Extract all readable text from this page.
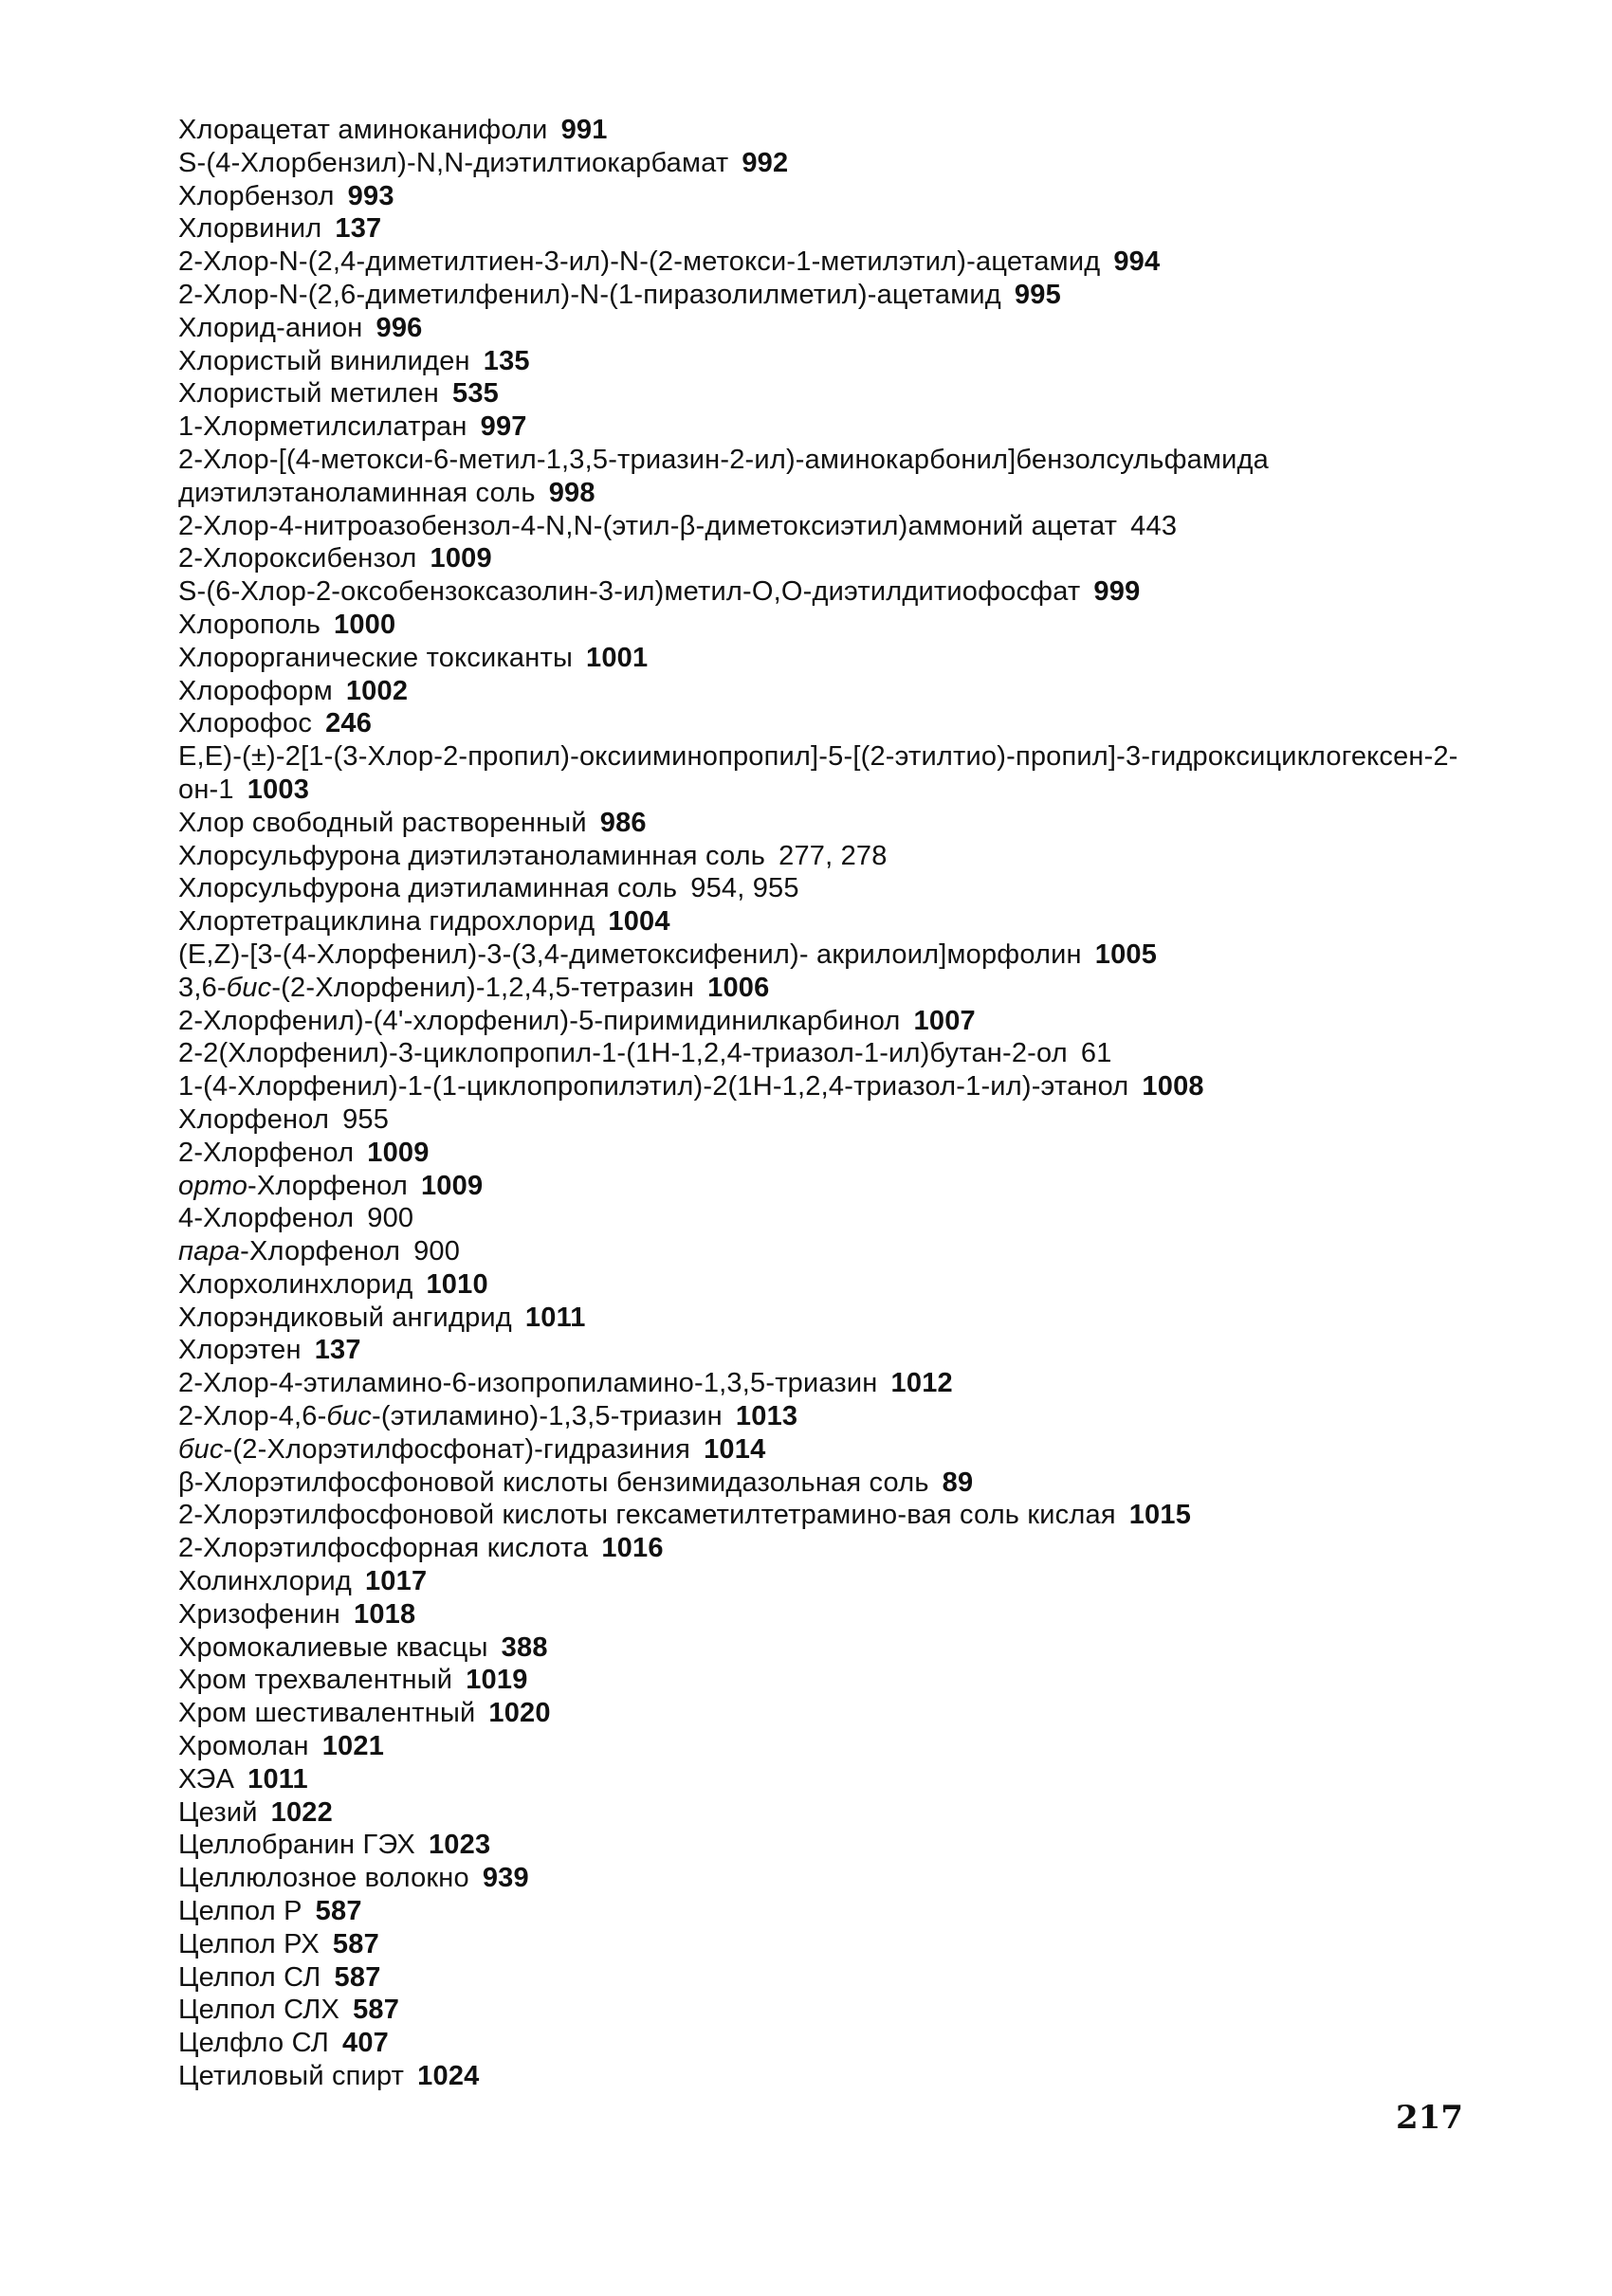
Хлорацетат аминоканифоли 991
S-(4-Хлорбензил)-N,N-диэтилтиокарбамат 992
Хлорбензол 993
Хлорвинил 137
2-Хлор-N-(2,4-диметилтиен-3-ил)-N-(2-метокси-1-метилэтил)-ацетамид 994
2-Хлор-N-(2,6-диметилфенил)-N-(1-пиразолилметил)-ацетамид 995
Хлорид-анион 996
Хлористый винилиден 135
Хлористый метилен 535
1-Хлорметилсилатран 997
2-Хлор-[(4-метокси-6-метил-1,3,5-триазин-2-ил)-аминокарбонил]бензолсульфамида диэтилэтаноламинная соль 998
2-Хлор-4-нитроазобензол-4-N,N-(этил-β-диметоксиэтил)аммоний ацетат 443
2-Хлороксибензол 1009
S-(6-Хлор-2-оксобензоксазолин-3-ил)метил-О,О-диэтилдитиофосфат 999
Хлорополь 1000
Хлорорганические токсиканты 1001
Хлороформ 1002
Хлорофос 246
E,E)-(±)-2[1-(3-Хлор-2-пропил)-оксииминопропил]-5-[(2-этилтио)-пропил]-3-гидроксициклогексен-2-он-1 1003
Хлор свободный растворенный 986
Хлорсульфурона диэтилэтаноламинная соль 277, 278
Хлорсульфурона диэтиламинная соль 954, 955
Хлортетрациклина гидрохлорид 1004
(E,Z)-[3-(4-Хлорфенил)-3-(3,4-диметоксифенил)- акрилоил]морфолин 1005
3,6-бис-(2-Хлорфенил)-1,2,4,5-тетразин 1006
2-Хлорфенил)-(4'-хлорфенил)-5-пиримидинилкарбинол 1007
2-2(Хлорфенил)-3-циклопропил-1-(1Н-1,2,4-триазол-1-ил)бутан-2-ол 61
1-(4-Хлорфенил)-1-(1-циклопропилэтил)-2(1Н-1,2,4-триазол-1-ил)-этанол 1008
Хлорфенол 955
2-Хлорфенол 1009
орто-Хлорфенол 1009
4-Хлорфенол 900
пара-Хлорфенол 900
Хлорхолинхлорид 1010
Хлорэндиковый ангидрид 1011
Хлорэтен 137
2-Хлор-4-этиламино-6-изопропиламино-1,3,5-триазин 1012
2-Хлор-4,6-бис-(этиламино)-1,3,5-триазин 1013
бис-(2-Хлорэтилфосфонат)-гидразиния 1014
β-Хлорэтилфосфоновой кислоты бензимидазольная соль 89
2-Хлорэтилфосфоновой кислоты гексаметилтетрамино-вая соль кислая 1015
2-Хлорэтилфосфорная кислота 1016
Холинхлорид 1017
Хризофенин 1018
Хромокалиевые квасцы 388
Хром трехвалентный 1019
Хром шестивалентный 1020
Хромолан 1021
ХЭА 1011
Цезий 1022
Целлобранин ГЭХ 1023
Целлюлозное волокно 939
Целпол Р 587
Целпол РХ 587
Целпол СЛ 587
Целпол СЛХ 587
Целфло СЛ 407
Цетиловый спирт 1024
217
